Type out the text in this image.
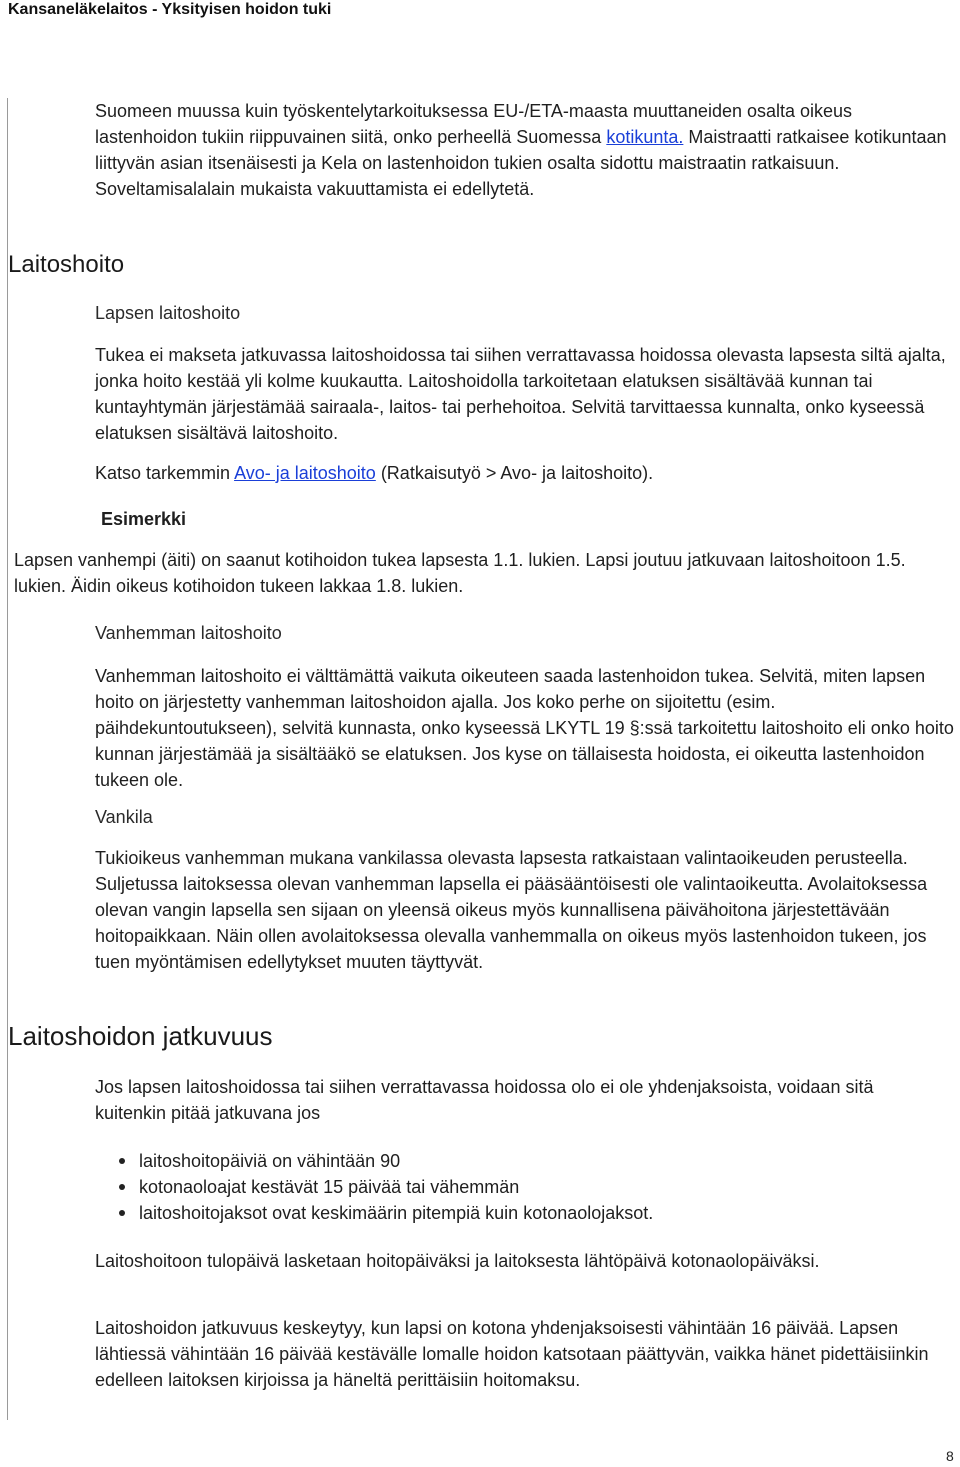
Kansaneläkelaitos - Yksityisen hoidon tuki

Suomeen muussa kuin työskentelytarkoituksessa EU-/ETA-maasta muuttaneiden osalta oikeus lastenhoidon tukiin riippuvainen siitä, onko perheellä Suomessa kotikunta. Maistraatti ratkaisee kotikuntaan liittyvän asian itsenäisesti ja Kela on lastenhoidon tukien osalta sidottu maistraatin ratkaisuun. Soveltamisalalain mukaista vakuuttamista ei edellytetä.

Laitoshoito

Lapsen laitoshoito

Tukea ei makseta jatkuvassa laitoshoidossa tai siihen verrattavassa hoidossa olevasta lapsesta siltä ajalta, jonka hoito kestää yli kolme kuukautta. Laitoshoidolla tarkoitetaan elatuksen sisältävää kunnan tai kuntayhtymän järjestämää sairaala-, laitos- tai perhehoitoa. Selvitä tarvittaessa kunnalta, onko kyseessä elatuksen sisältävä laitoshoito.

Katso tarkemmin Avo- ja laitoshoito (Ratkaisutyö > Avo- ja laitoshoito).

Esimerkki

Lapsen vanhempi (äiti) on saanut kotihoidon tukea lapsesta 1.1. lukien. Lapsi joutuu jatkuvaan laitoshoitoon 1.5. lukien. Äidin oikeus kotihoidon tukeen lakkaa 1.8. lukien.

Vanhemman laitoshoito

Vanhemman laitoshoito ei välttämättä vaikuta oikeuteen saada lastenhoidon tukea. Selvitä, miten lapsen hoito on järjestetty vanhemman laitoshoidon ajalla. Jos koko perhe on sijoitettu (esim. päihdekuntoutukseen), selvitä kunnasta, onko kyseessä LKYTL 19 §:ssä tarkoitettu laitoshoito eli onko hoito kunnan järjestämää ja sisältääkö se elatuksen. Jos kyse on tällaisesta hoidosta, ei oikeutta lastenhoidon tukeen ole.

Vankila

Tukioikeus vanhemman mukana vankilassa olevasta lapsesta ratkaistaan valintaoikeuden perusteella. Suljetussa laitoksessa olevan vanhemman lapsella ei pääsääntöisesti ole valintaoikeutta. Avolaitoksessa olevan vangin lapsella sen sijaan on yleensä oikeus myös kunnallisena päivähoitona järjestettävään hoitopaikkaan. Näin ollen avolaitoksessa olevalla vanhemmalla on oikeus myös lastenhoidon tukeen, jos tuen myöntämisen edellytykset muuten täyttyvät.

Laitoshoidon jatkuvuus

Jos lapsen laitoshoidossa tai siihen verrattavassa hoidossa olo ei ole yhdenjaksoista, voidaan sitä kuitenkin pitää jatkuvana jos

laitoshoitopäiviä on vähintään 90
kotonaoloajat kestävät 15 päivää tai vähemmän
laitoshoitojaksot ovat keskimäärin pitempiä kuin kotonaolojaksot.

Laitoshoitoon tulopäivä lasketaan hoitopäiväksi ja laitoksesta lähtöpäivä kotonaolopäiväksi.

Laitoshoidon jatkuvuus keskeytyy, kun lapsi on kotona yhdenjaksoisesti vähintään 16 päivää. Lapsen lähtiessä vähintään 16 päivää kestävälle lomalle hoidon katsotaan päättyvän, vaikka hänet pidettäisiinkin edelleen laitoksen kirjoissa ja häneltä perittäisiin hoitomaksu.

8
